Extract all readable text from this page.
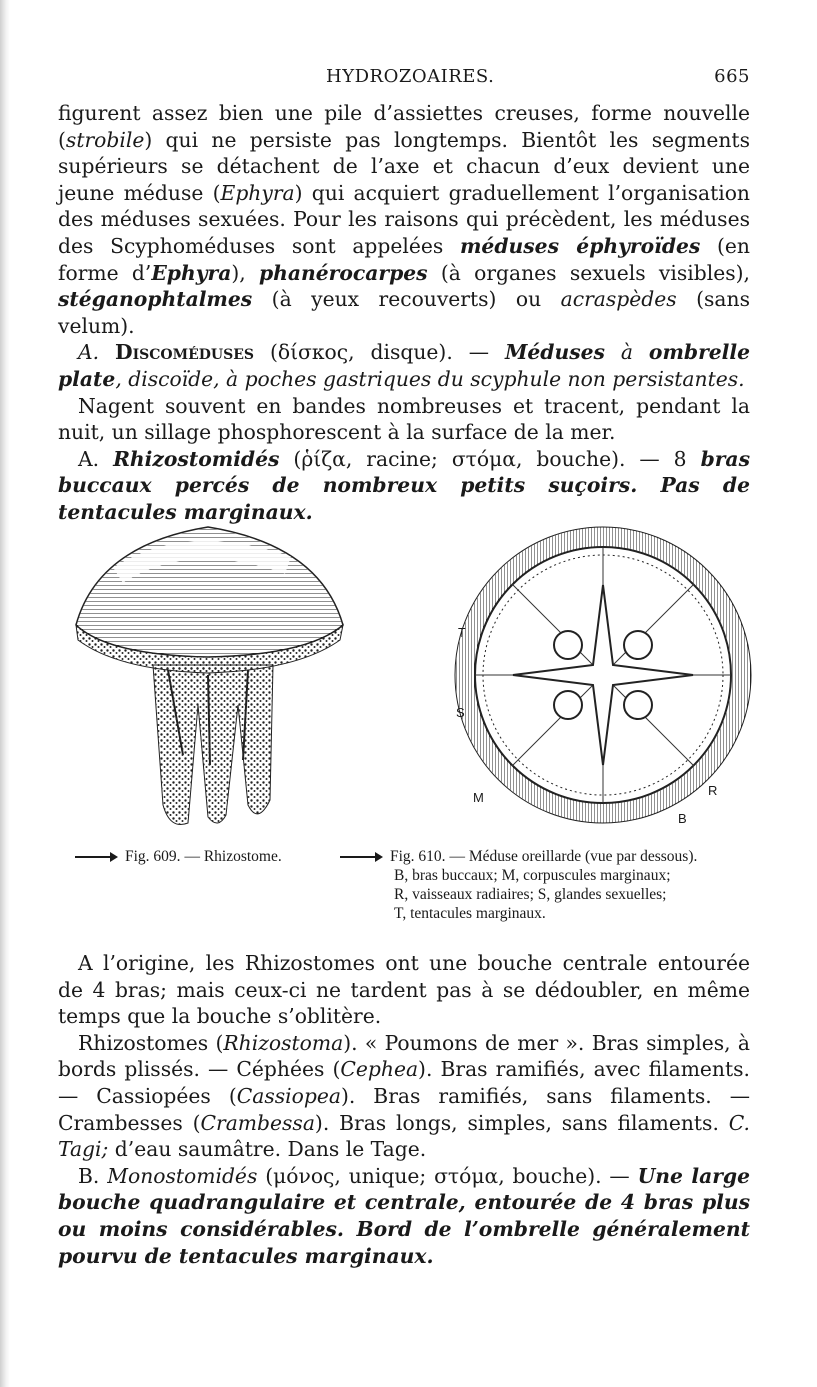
HYDROZOAIRES.	665

figurent assez bien une pile d’assiettes creuses, forme nouvelle (strobile) qui ne persiste pas longtemps. Bientôt les segments supérieurs se détachent de l’axe et chacun d’eux devient une jeune méduse (Ephyra) qui acquiert graduellement l’organisation des méduses sexuées. Pour les raisons qui précèdent, les méduses des Scyphoméduses sont appelées méduses éphyroïdes (en forme d’Ephyra), phanérocarpes (à organes sexuels visibles), stéganophtalmes (à yeux recouverts) ou acraspèdes (sans velum).

A. Discoméduses (δίσκος, disque). — Méduses à ombrelle plate, discoïde, à poches gastriques du scyphule non persistantes.

Nagent souvent en bandes nombreuses et tracent, pendant la nuit, un sillage phosphorescent à la surface de la mer.

A. Rhizostomidés (ῥίζα, racine; στόμα, bouche). — 8 bras buccaux percés de nombreux petits suçoirs. Pas de tentacules marginaux.

T
S
M	R
B
Fig. 609. — Rhizostome.	Fig. 610. — Méduse oreillarde (vue par dessous).
B, bras buccaux; M, corpuscules marginaux;
R, vaisseaux radiaires; S, glandes sexuelles;
T, tentacules marginaux.

A l’origine, les Rhizostomes ont une bouche centrale entourée de 4 bras; mais ceux-ci ne tardent pas à se dédoubler, en même temps que la bouche s’oblitère.

Rhizostomes (Rhizostoma). « Poumons de mer ». Bras simples, à bords plissés. — Céphées (Cephea). Bras ramifiés, avec filaments. — Cassiopées (Cassiopea). Bras ramifiés, sans filaments. — Crambesses (Crambessa). Bras longs, simples, sans filaments. C. Tagi; d’eau saumâtre. Dans le Tage.

B. Monostomidés (μόνος, unique; στόμα, bouche). — Une large bouche quadrangulaire et centrale, entourée de 4 bras plus ou moins considérables. Bord de l’ombrelle généralement pourvu de tentacules marginaux.
